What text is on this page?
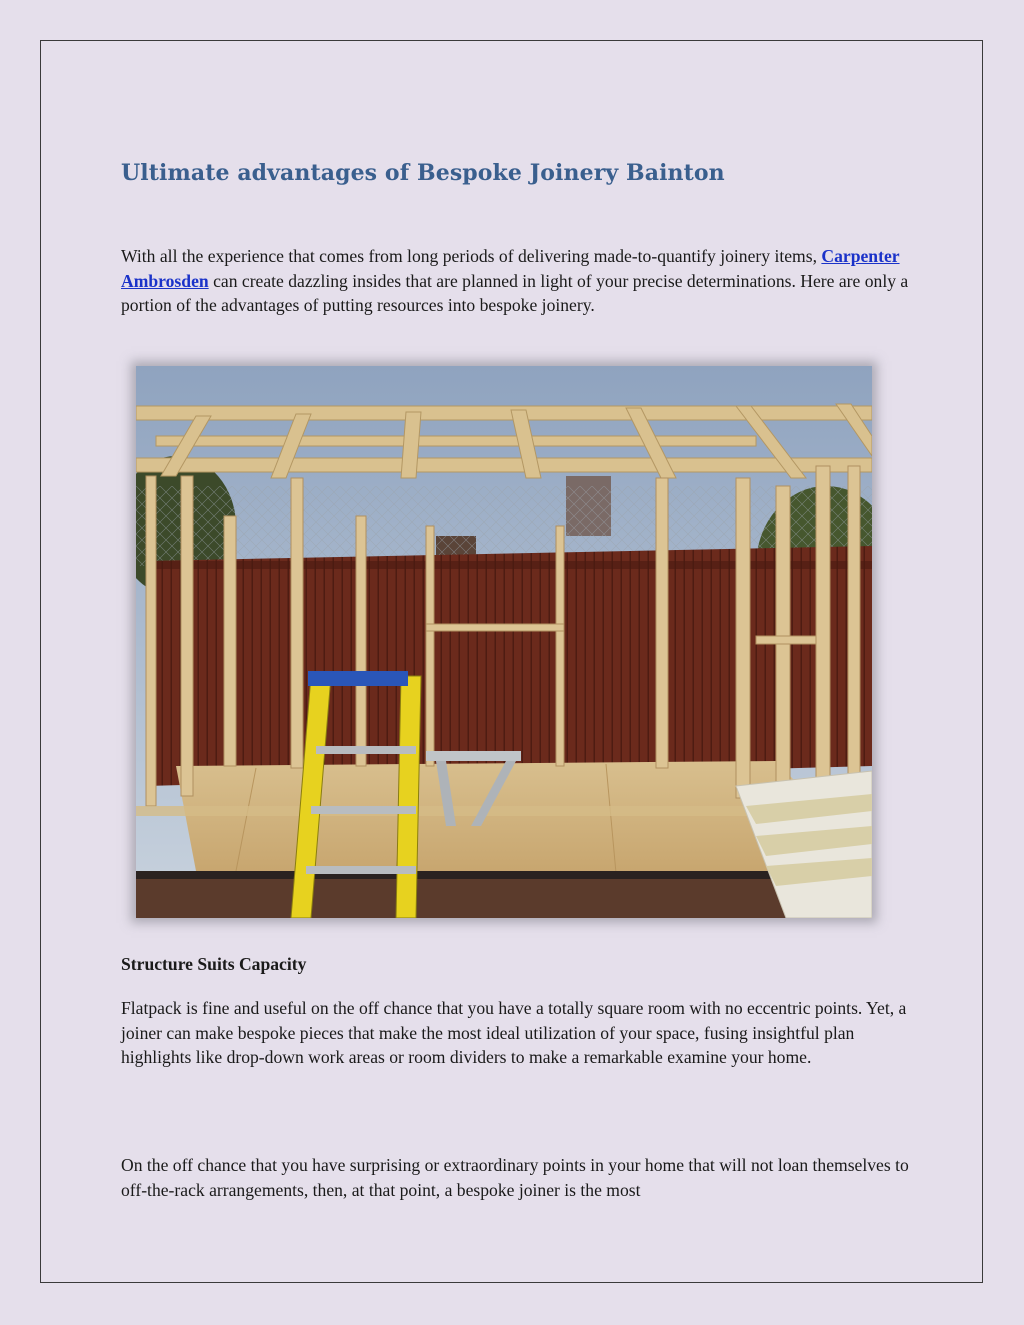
Ultimate advantages of Bespoke Joinery Bainton

With all the experience that comes from long periods of delivering made-to-quantify joinery items, Carpenter Ambrosden can create dazzling insides that are planned in light of your precise determinations. Here are only a portion of the advantages of putting resources into bespoke joinery.

Structure Suits Capacity

Flatpack is fine and useful on the off chance that you have a totally square room with no eccentric points. Yet, a joiner can make bespoke pieces that make the most ideal utilization of your space, fusing insightful plan highlights like drop-down work areas or room dividers to make a remarkable examine your home.

On the off chance that you have surprising or extraordinary points in your home that will not loan themselves to off-the-rack arrangements, then, at that point, a bespoke joiner is the most
